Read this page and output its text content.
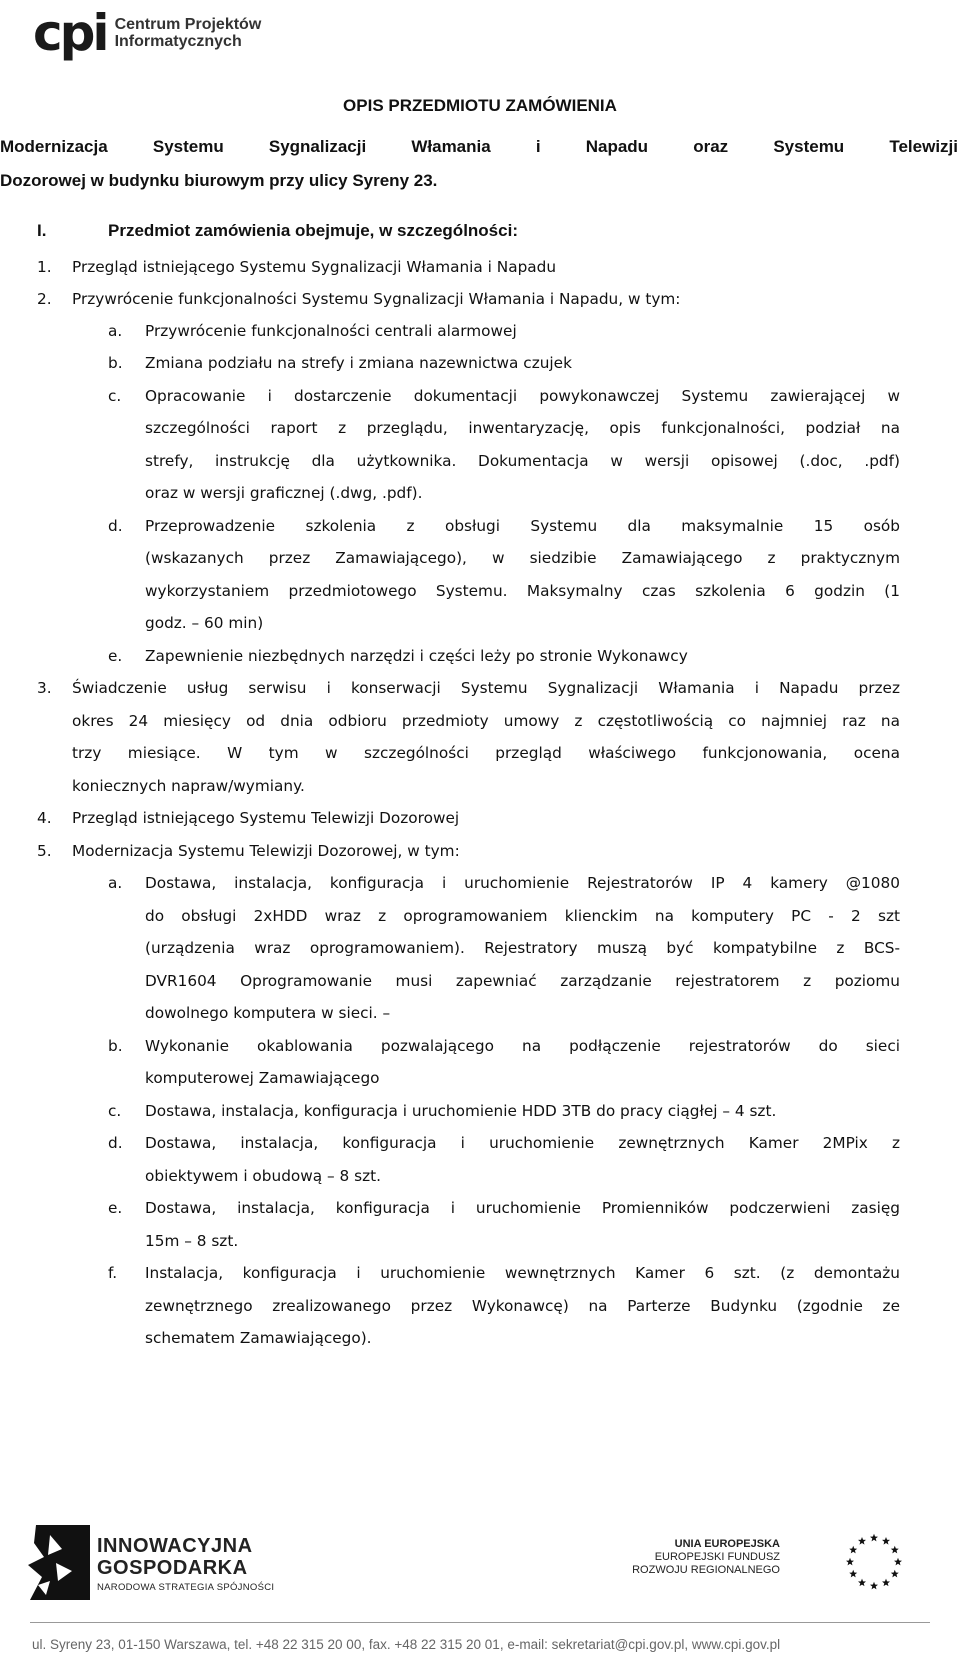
cpi Centrum Projektów
Informatycznych
OPIS PRZEDMIOTU ZAMÓWIENIA
Modernizacja Systemu Sygnalizacji Włamania i Napadu oraz Systemu Telewizji
Dozorowej w budynku biurowym przy ulicy Syreny 23.
I.	Przedmiot zamówienia obejmuje, w szczególności:
1. Przegląd istniejącego Systemu Sygnalizacji Włamania i Napadu
2. Przywrócenie funkcjonalności Systemu Sygnalizacji Włamania i Napadu, w tym:
a. Przywrócenie funkcjonalności centrali alarmowej
b. Zmiana podziału na strefy i zmiana nazewnictwa czujek
c. Opracowanie i dostarczenie dokumentacji powykonawczej Systemu zawierającej w
szczególności raport z przeglądu, inwentaryzację, opis funkcjonalności, podział na
strefy, instrukcję dla użytkownika. Dokumentacja w wersji opisowej (.doc, .pdf)
oraz w wersji graficznej (.dwg, .pdf).
d. Przeprowadzenie szkolenia z obsługi Systemu dla maksymalnie 15 osób
(wskazanych przez Zamawiającego), w siedzibie Zamawiającego z praktycznym
wykorzystaniem przedmiotowego Systemu. Maksymalny czas szkolenia 6 godzin (1
godz. – 60 min)
e. Zapewnienie niezbędnych narzędzi i części leży po stronie Wykonawcy
3. Świadczenie usług serwisu i konserwacji Systemu Sygnalizacji Włamania i Napadu przez
okres 24 miesięcy od dnia odbioru przedmioty umowy z częstotliwością co najmniej raz na
trzy miesiące. W tym w szczególności przegląd właściwego funkcjonowania, ocena
koniecznych napraw/wymiany.
4. Przegląd istniejącego Systemu Telewizji Dozorowej
5. Modernizacja Systemu Telewizji Dozorowej, w tym:
a. Dostawa, instalacja, konfiguracja i uruchomienie Rejestratorów IP 4 kamery @1080
do obsługi 2xHDD wraz z oprogramowaniem klienckim na komputery PC - 2 szt
(urządzenia wraz oprogramowaniem). Rejestratory muszą być kompatybilne z BCS-
DVR1604 Oprogramowanie musi zapewniać zarządzanie rejestratorem z poziomu
dowolnego komputera w sieci. –
b. Wykonanie okablowania pozwalającego na podłączenie rejestratorów do sieci
komputerowej Zamawiającego
c. Dostawa, instalacja, konfiguracja i uruchomienie HDD 3TB do pracy ciągłej – 4 szt.
d. Dostawa, instalacja, konfiguracja i uruchomienie zewnętrznych Kamer 2MPix z
obiektywem i obudową – 8 szt.
e. Dostawa, instalacja, konfiguracja i uruchomienie Promienników podczerwieni zasięg
15m – 8 szt.
f. Instalacja, konfiguracja i uruchomienie wewnętrznych Kamer 6 szt. (z demontażu
zewnętrznego zrealizowanego przez Wykonawcę) na Parterze Budynku (zgodnie ze
schematem Zamawiającego).
INNOWACYJNA
GOSPODARKA
NARODOWA STRATEGIA SPÓJNOŚCI
UNIA EUROPEJSKA
EUROPEJSKI FUNDUSZ
ROZWOJU REGIONALNEGO
ul. Syreny 23, 01-150 Warszawa, tel. +48 22 315 20 00, fax. +48 22 315 20 01, e-mail: sekretariat@cpi.gov.pl, www.cpi.gov.pl
